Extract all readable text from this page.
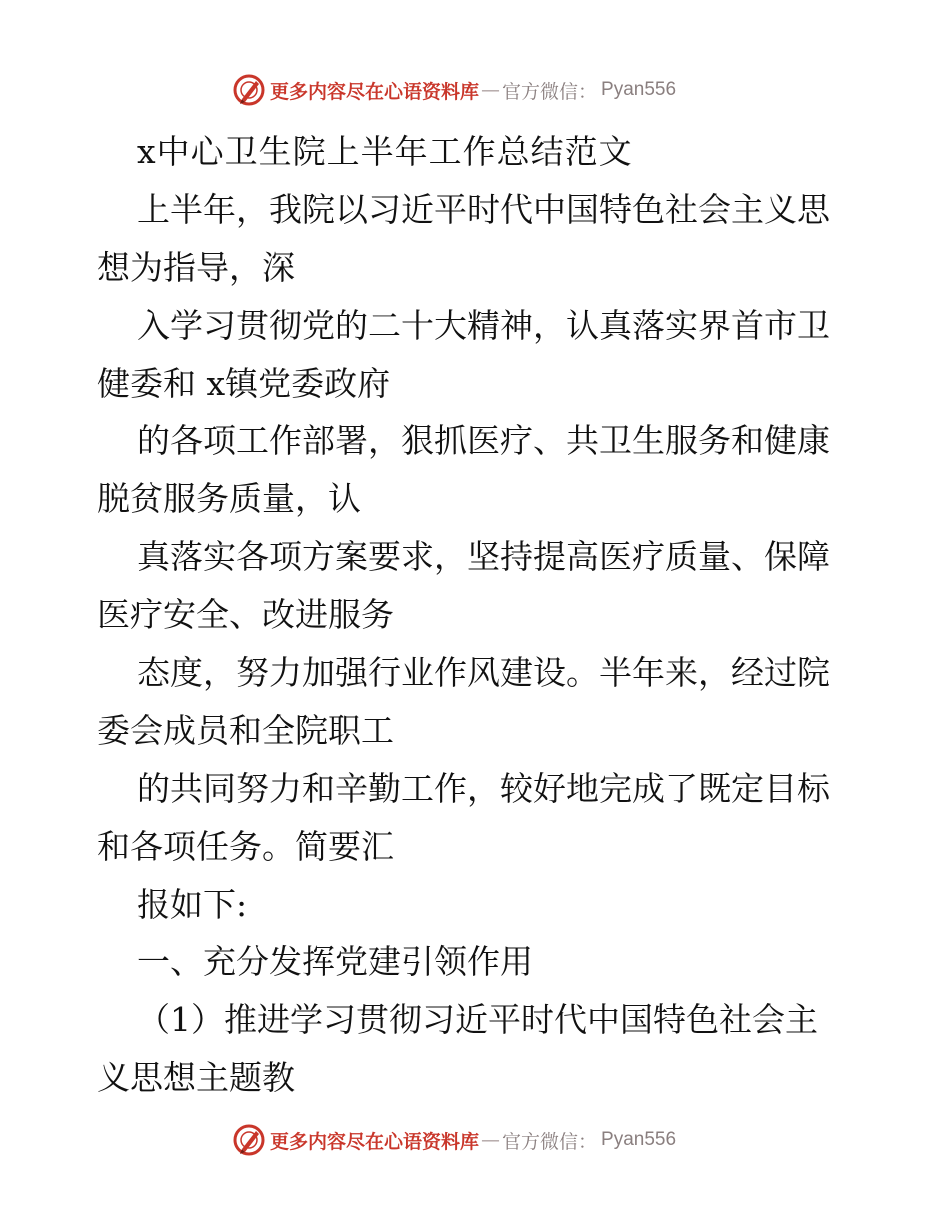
更多内容尽在心语资料库 — 官方微信： Pyan556
x中心卫生院上半年工作总结范文
上半年，我院以习近平时代中国特色社会主义思
想为指导，深
入学习贯彻党的二十大精神，认真落实界首市卫
健委和 x镇党委政府
的各项工作部署，狠抓医疗、共卫生服务和健康
脱贫服务质量，认
真落实各项方案要求，坚持提高医疗质量、保障
医疗安全、改进服务
态度，努力加强行业作风建设。半年来，经过院
委会成员和全院职工
的共同努力和辛勤工作，较好地完成了既定目标
和各项任务。简要汇
报如下:
一、充分发挥党建引领作用
（1）推进学习贯彻习近平时代中国特色社会主
义思想主题教
更多内容尽在心语资料库 — 官方微信： Pyan556
